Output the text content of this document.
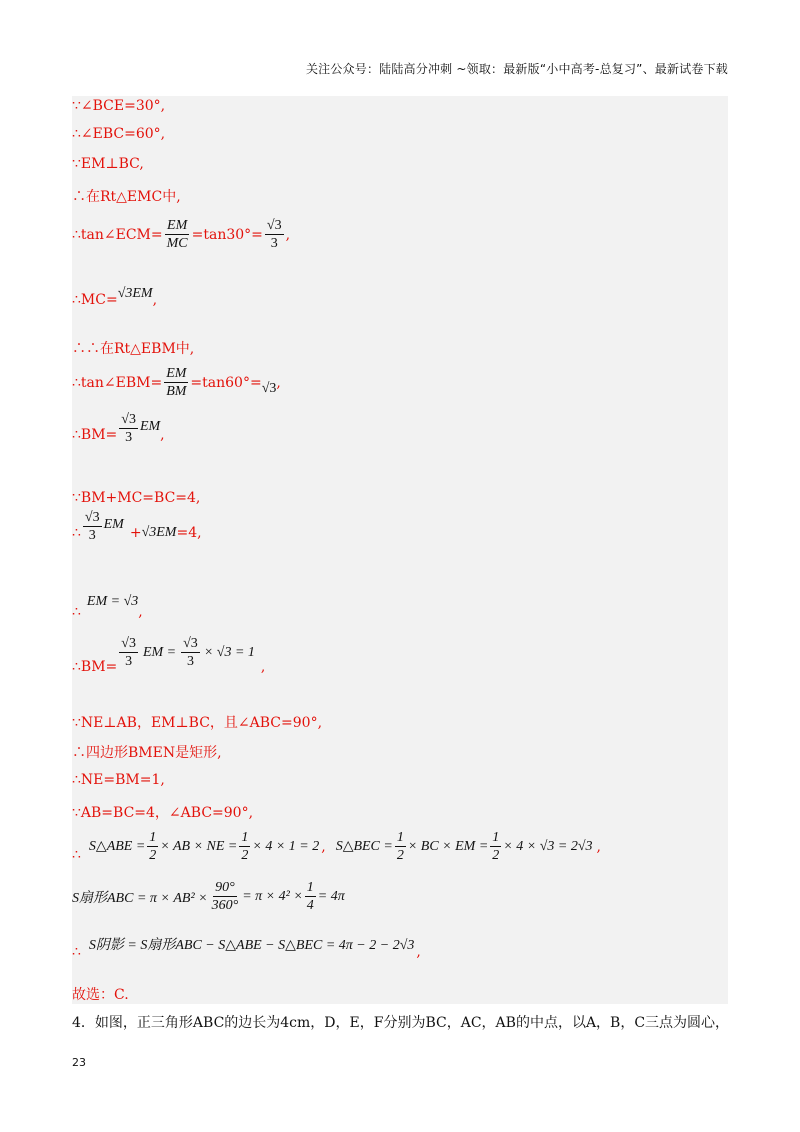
关注公众号：陆陆高分冲刺 ~领取：最新版“小中高考-总复习”、最新试卷下载
∵∠BCE=30°,
∴∠EBC=60°,
∵EM⊥BC,
∴在Rt△EMC中,
∴tan∠ECM= $\frac{EM}{MC} =\tan 30^\circ= \frac{√3}{3}$ ,
∴MC= √3EM ,
∴∴在Rt△EBM中,
∴tan∠EBM= $\frac{EM}{BM} =\tan 60^\circ= √3$ ,
∴BM= $\frac{√3}{3}$ EM
,
∵BM+MC=BC=4,
∴ $\frac{√3}{3}$ EM
+ √3EM =4,
∴
EM = √3
,
∴BM= $\frac{√3}{3}$ EM = $\frac{√3}{3} \times √3 = 1$
,
∵NE⊥AB，EM⊥BC，且∠ABC=90°,
∴四边形BMEN是矩形,
∴NE=BM=1,
∵AB=BC=4，∠ABC=90°,
∴ S△ABE = $\frac{1}{2}$ × AB × NE = $\frac{1}{2} \times 4 \times 1 = 2$ , S△BEC = $\frac{1}{2}$ × BC × EM = $\frac{1}{2} \times 4 \times √3 = 2√3$ ,
S扇形ABC = $\pi \times AB^2 \times \frac{90^\circ}{360^\circ} = \pi \times 4^2 \times \frac{1}{4} = 4\pi$
∴ S阴影 = S扇形ABC − S△ABE − S△BEC = 4π − 2 − 2√3 ,
故选：C.
4．如图，正三角形ABC的边长为4cm，D，E，F分别为BC，AC，AB的中点，以A，B，C三点为圆心，
23
